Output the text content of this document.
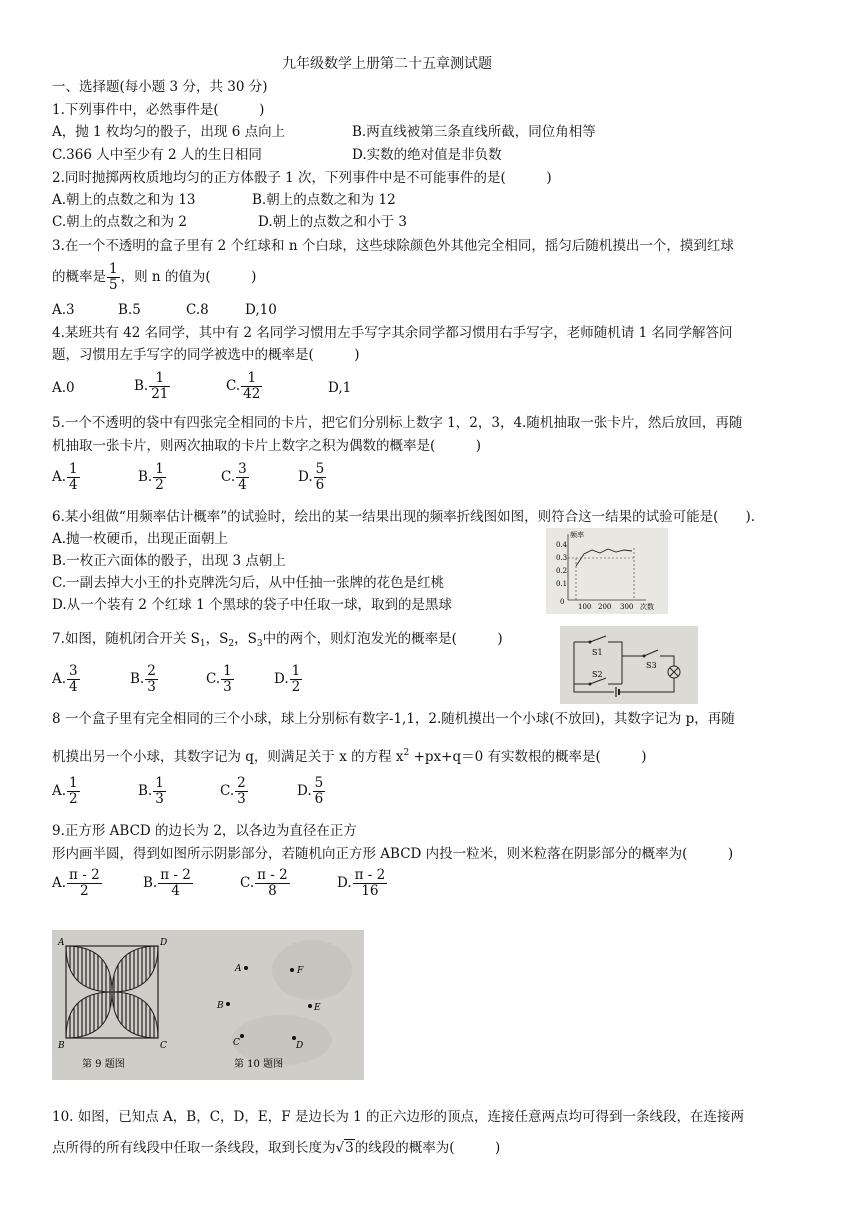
九年级数学上册第二十五章测试题
一、选择题(每小题 3 分，共 30 分)
1.下列事件中，必然事件是(　　　)
A，抛 1 枚均匀的骰子，出现 6 点向上	B.两直线被第三条直线所截，同位角相等
C.366 人中至少有 2 人的生日相同	D.实数的绝对值是非负数
2.同时抛掷两枚质地均匀的正方体骰子 1 次，下列事件中是不可能事件的是(　　　)
A.朝上的点数之和为 13	B.朝上的点数之和为 12
C.朝上的点数之和为 2	D.朝上的点数之和小于 3
3.在一个不透明的盒子里有 2 个红球和 n 个白球，这些球除颜色外其他完全相同，摇匀后随机摸出一个，摸到红球
的概率是 $\frac{1}{5}$ ，则 n 的值为(　　　)
A.3	B.5	C.8	D,10
4.某班共有 42 名同学，其中有 2 名同学习惯用左手写字其余同学都习惯用右手写字，老师随机请 1 名同学解答问
题，习惯用左手写字的同学被选中的概率是(　　　)
A.0	B. $\frac{1}{21}$	C. $\frac{1}{42}$	D,1
5.一个不透明的袋中有四张完全相同的卡片，把它们分别标上数字 1，2，3，4.随机抽取一张卡片，然后放回，再随
机抽取一张卡片，则两次抽取的卡片上数字之积为偶数的概率是(　　　)
A. $\frac{1}{4}$	B. $\frac{1}{2}$	C. $\frac{3}{4}$	D. $\frac{5}{6}$
6.某小组做“用频率估计概率”的试验时，绘出的某一结果出现的频率折线图如图，则符合这一结果的试验可能是(　　).
A.抛一枚硬币，出现正面朝上
B.一枚正六面体的骰子，出现 3 点朝上
C.一副去掉大小王的扑克牌洗匀后，从中任抽一张牌的花色是红桃
D.从一个装有 2 个红球 1 个黑球的袋子中任取一球，取到的是黑球
频率
0.4
0.3
0.2
0.1
0
100 200 300 次数
7.如图，随机闭合开关 $S_1$，$S_2$，$S_3$中的两个，则灯泡发光的概率是(　　　)
A. $\frac{3}{4}$	B. $\frac{2}{3}$	C. $\frac{1}{3}$	D. $\frac{1}{2}$
S1
S2
S3
8 一个盒子里有完全相同的三个小球，球上分别标有数字-1,1，2.随机摸出一个小球(不放回)，其数字记为 p，再随
机摸出另一个小球，其数字记为 q，则满足关于 x 的方程 $x^2 +px+q=0$ 有实数根的概率是(　　　)
A. $\frac{1}{2}$	B. $\frac{1}{3}$	C. $\frac{2}{3}$	D. $\frac{5}{6}$
9.正方形 ABCD 的边长为 2，以各边为直径在正方
形内画半圆，得到如图所示阴影部分，若随机向正方形 ABCD 内投一粒米，则米粒落在阴影部分的概率为(　　　)
A. $\frac{\pi - 2}{2}$	B. $\frac{\pi - 2}{4}$	C. $\frac{\pi - 2}{8}$	D. $\frac{\pi - 2}{16}$
A	D
B	C
第 9 题图
A	F
B	E
C	D
第 10 题图
10. 如图，已知点 A，B，C，D，E，F 是边长为 1 的正六边形的顶点，连接任意两点均可得到一条线段，在连接两
点所得的所有线段中任取一条线段，取到长度为√3的线段的概率为(　　　)
